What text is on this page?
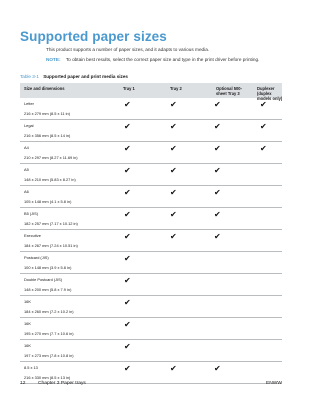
Supported paper sizes
This product supports a number of paper sizes, and it adapts to various media.
NOTE: To obtain best results, select the correct paper size and type in the print driver before printing.
Table 3-1 Supported paper and print media sizes
Size and dimensions	Tray 1	Tray 2	Optional 500-sheet Tray 3
Duplexer (duplex models only)
Letter
216 x 279 mm (8.5 x 11 in)
✔	✔	✔	✔
Legal
216 x 356 mm (8.5 x 14 in)
✔	✔	✔	✔
A4
210 x 297 mm (8.27 x 11.69 in)
✔	✔	✔	✔
A5
148 x 210 mm (5.83 x 8.27 in)
✔	✔	✔
A6
105 x 148 mm (4.1 x 5.8 in)
✔	✔	✔
B5 (JIS)
182 x 257 mm (7.17 x 10.12 in)
✔	✔	✔
Executive
184 x 267 mm (7.24 x 10.51 in)
✔	✔	✔
Postcard (JIS)
100 x 148 mm (3.9 x 5.8 in)
✔
Double Postcard (JIS)
148 x 200 mm (5.8 x 7.9 in)
✔
16K
184 x 260 mm (7.2 x 10.2 in)
✔
16K
195 x 270 mm (7.7 x 10.6 in)
✔
16K
197 x 273 mm (7.8 x 10.8 in)
✔
8.5 x 13
216 x 330 mm (8.5 x 13 in)
✔	✔	✔
12	Chapter 3 Paper trays	ENWW
